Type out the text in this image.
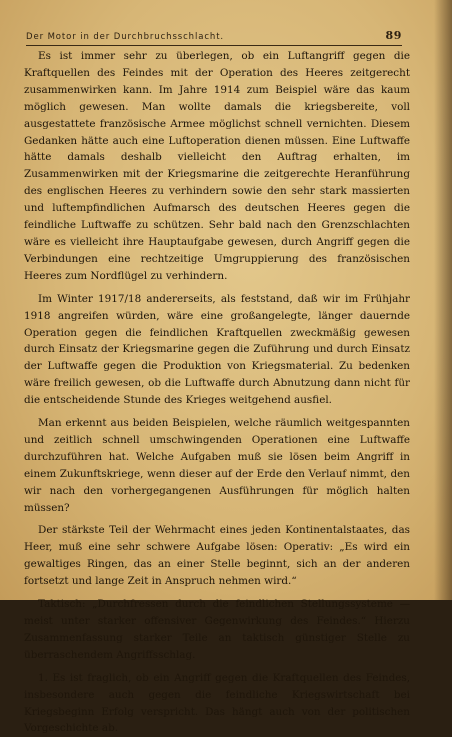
Der Motor in der Durchbruchsschlacht.	89

Es ist immer sehr zu überlegen, ob ein Luftangriff gegen die Kraftquellen des Feindes mit der Operation des Heeres zeitgerecht zusammenwirken kann. Im Jahre 1914 zum Beispiel wäre das kaum möglich gewesen. Man wollte damals die kriegsbereite, voll ausgestattete französische Armee möglichst schnell vernichten. Diesem Gedanken hätte auch eine Luftoperation dienen müssen. Eine Luftwaffe hätte damals deshalb vielleicht den Auftrag erhalten, im Zusammenwirken mit der Kriegsmarine die zeitgerechte Heranführung des englischen Heeres zu verhindern sowie den sehr stark massierten und luftempfindlichen Aufmarsch des deutschen Heeres gegen die feindliche Luftwaffe zu schützen. Sehr bald nach den Grenzschlachten wäre es vielleicht ihre Hauptaufgabe gewesen, durch Angriff gegen die Verbindungen eine rechtzeitige Umgruppierung des französischen Heeres zum Nordflügel zu verhindern.

Im Winter 1917/18 andererseits, als feststand, daß wir im Frühjahr 1918 angreifen würden, wäre eine großangelegte, länger dauernde Operation gegen die feindlichen Kraftquellen zweckmäßig gewesen durch Einsatz der Kriegsmarine gegen die Zuführung und durch Einsatz der Luftwaffe gegen die Produktion von Kriegsmaterial. Zu bedenken wäre freilich gewesen, ob die Luftwaffe durch Abnutzung dann nicht für die entscheidende Stunde des Krieges weitgehend ausfiel.

Man erkennt aus beiden Beispielen, welche räumlich weitgespannten und zeitlich schnell umschwingenden Operationen eine Luftwaffe durchzuführen hat. Welche Aufgaben muß sie lösen beim Angriff in einem Zukunftskriege, wenn dieser auf der Erde den Verlauf nimmt, den wir nach den vorhergegangenen Ausführungen für möglich halten müssen?

Der stärkste Teil der Wehrmacht eines jeden Kontinentalstaates, das Heer, muß eine sehr schwere Aufgabe lösen: Operativ: „Es wird ein gewaltiges Ringen, das an einer Stelle beginnt, sich an der anderen fortsetzt und lange Zeit in Anspruch nehmen wird.“

Taktisch: „Durchfressen durch die feindlichen Stellungssysteme — meist unter starker offensiver Gegenwirkung des Feindes.“ Hierzu Zusammenfassung starker Teile an taktisch günstiger Stelle zu überraschendem Angriffsschlag.

1. Es ist fraglich, ob ein Angriff gegen die Kraftquellen des Feindes, insbesondere auch gegen die feindliche Kriegswirtschaft bei Kriegsbeginn Erfolg verspricht. Das hängt auch von der politischen Vorgeschichte ab.
